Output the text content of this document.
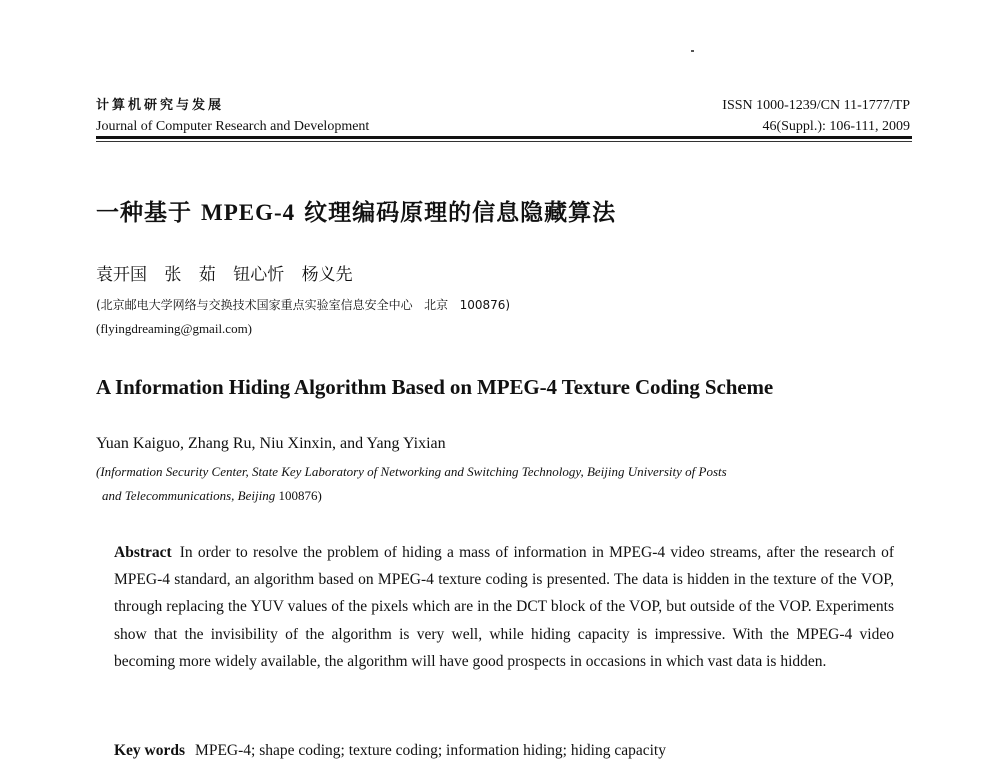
计算机研究与发展
Journal of Computer Research and Development
ISSN 1000-1239/CN 11-1777/TP
46(Suppl.): 106-111, 2009
一种基于 MPEG-4 纹理编码原理的信息隐藏算法
袁开国 张 茹 钮心忻 杨义先
(北京邮电大学网络与交换技术国家重点实验室信息安全中心   北京   100876)
(flyingdreaming@gmail.com)
A Information Hiding Algorithm Based on MPEG-4 Texture Coding Scheme
Yuan Kaiguo, Zhang Ru, Niu Xinxin, and Yang Yixian
(Information Security Center, State Key Laboratory of Networking and Switching Technology, Beijing University of Posts
and Telecommunications, Beijing 100876)
Abstract In order to resolve the problem of hiding a mass of information in MPEG-4 video streams, after the research of MPEG-4 standard, an algorithm based on MPEG-4 texture coding is presented. The data is hidden in the texture of the VOP, through replacing the YUV values of the pixels which are in the DCT block of the VOP, but outside of the VOP. Experiments show that the invisibility of the algorithm is very well, while hiding capacity is impressive. With the MPEG-4 video becoming more widely available, the algorithm will have good prospects in occasions in which vast data is hidden.
Key words MPEG-4; shape coding; texture coding; information hiding; hiding capacity
